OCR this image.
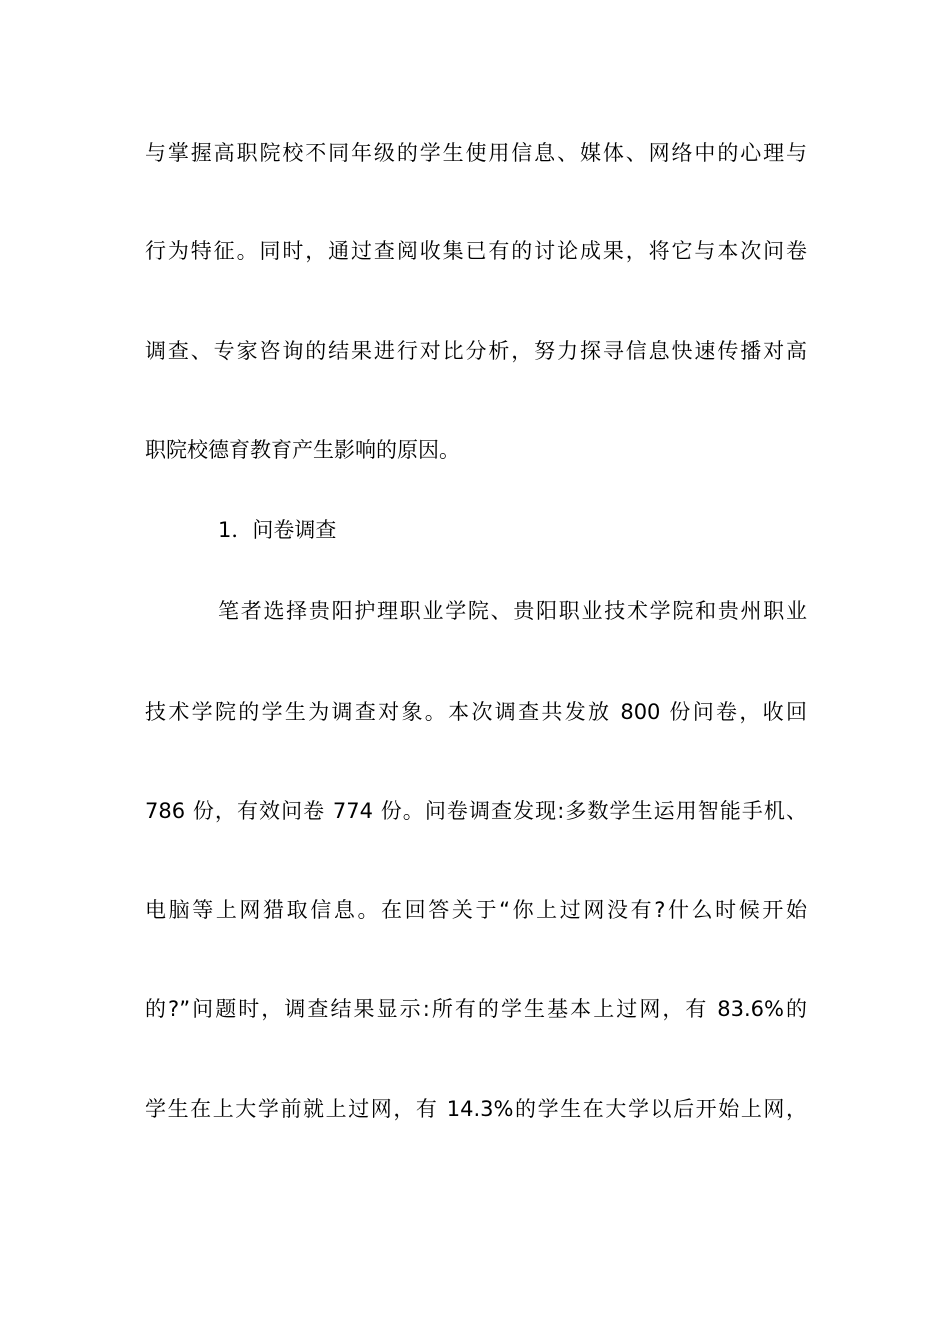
与掌握高职院校不同年级的学生使用信息、媒体、网络中的心理与
行为特征。同时，通过查阅收集已有的讨论成果，将它与本次问卷
调查、专家咨询的结果进行对比分析，努力探寻信息快速传播对高
职院校德育教育产生影响的原因。
1．问卷调查
笔者选择贵阳护理职业学院、贵阳职业技术学院和贵州职业
技术学院的学生为调查对象。本次调查共发放 800 份问卷，收回
786 份，有效问卷 774 份。问卷调查发现:多数学生运用智能手机、
电脑等上网猎取信息。在回答关于“你上过网没有?什么时候开始
的?”问题时，调查结果显示:所有的学生基本上过网，有 83.6%的
学生在上大学前就上过网，有 14.3%的学生在大学以后开始上网，
